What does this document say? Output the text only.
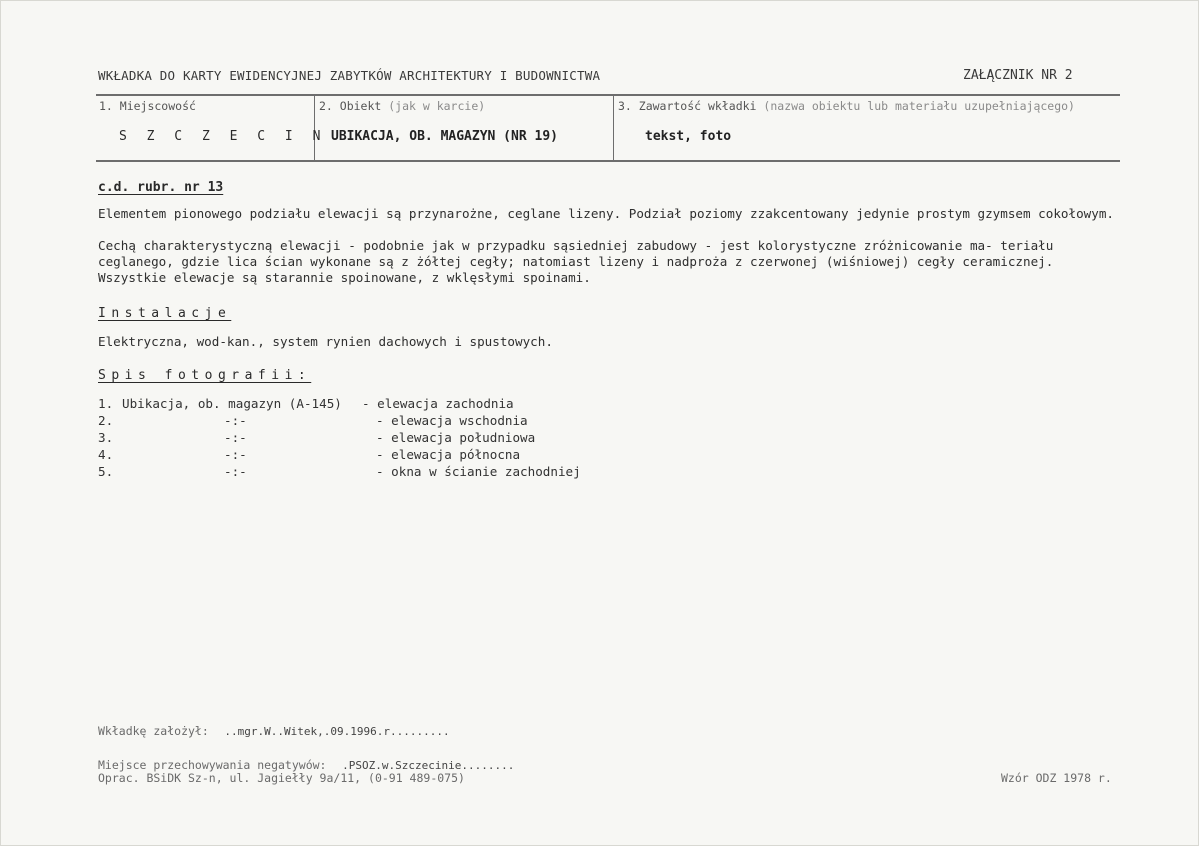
WKŁADKA DO KARTY EWIDENCYJNEJ ZABYTKÓW ARCHITEKTURY I BUDOWNICTWA	ZAŁĄCZNIK NR 2
1. Miejscowość
S Z C Z E C I N
2. Obiekt (jak w karcie)
UBIKACJA, OB. MAGAZYN (NR 19)
3. Zawartość wkładki (nazwa obiektu lub materiału uzupełniającego)
tekst, foto
c.d. rubr. nr 13
Elementem pionowego podziału elewacji są przynarożne, ceglane lizeny. Podział poziomy zzakcentowany jedynie prostym gzymsem cokołowym.
Cechą charakterystyczną elewacji - podobnie jak w przypadku sąsiedniej zabudowy - jest kolorystyczne zróżnicowanie ma- teriału ceglanego, gdzie lica ścian wykonane są z żółtej cegły; natomiast lizeny i nadproża z czerwonej (wiśniowej) cegły ceramicznej. Wszystkie elewacje są starannie spoinowane, z wklęsłymi spoinami.
Instalacje
Elektryczna, wod-kan., system rynien dachowych i spustowych.
Spis fotografii:
1. Ubikacja, ob. magazyn (A-145) - elewacja zachodnia
2.	-:-	- elewacja wschodnia
3.	-:-	- elewacja południowa
4.	-:-	- elewacja północna
5.	-:-	- okna w ścianie zachodniej
Wkładkę założył: ..mgr.W..Witek,.09.1996.r.........
Miejsce przechowywania negatywów: .PSOZ.w.Szczecinie........
Oprac. BSiDK Sz-n, ul. Jagiełły 9a/11, (0-91 489-075)	Wzór ODZ 1978 r.
